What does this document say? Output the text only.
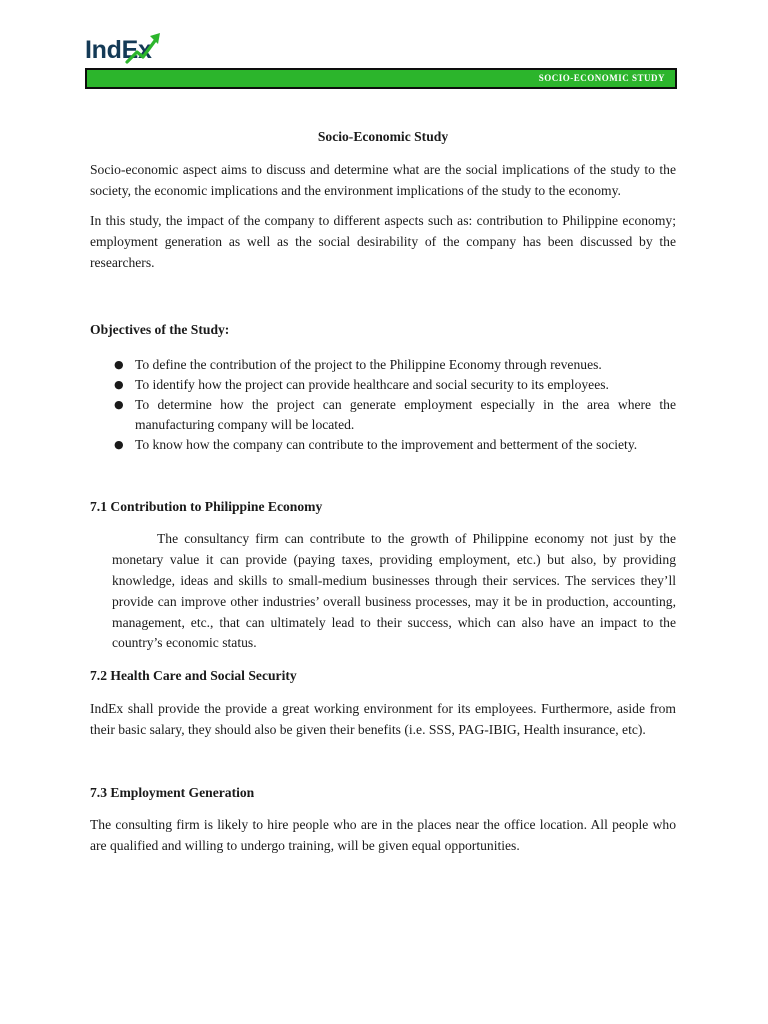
IndEx
SOCIO-ECONOMIC STUDY
Socio-Economic Study

Socio-economic aspect aims to discuss and determine what are the social implications of the study to the society, the economic implications and the environment implications of the study to the economy.

In this study, the impact of the company to different aspects such as: contribution to Philippine economy; employment generation as well as the social desirability of the company has been discussed by the researchers.

Objectives of the Study:
● To define the contribution of the project to the Philippine Economy through revenues.
● To identify how the project can provide healthcare and social security to its employees.
● To determine how the project can generate employment especially in the area where the manufacturing company will be located.
● To know how the company can contribute to the improvement and betterment of the society.
7.1 Contribution to Philippine Economy

The consultancy firm can contribute to the growth of Philippine economy not just by the monetary value it can provide (paying taxes, providing employment, etc.) but also, by providing knowledge, ideas and skills to small-medium businesses through their services. The services they’ll provide can improve other industries’ overall business processes, may it be in production, accounting, management, etc., that can ultimately lead to their success, which can also have an impact to the country’s economic status.

7.2 Health Care and Social Security

IndEx shall provide the provide a great working environment for its employees. Furthermore, aside from their basic salary, they should also be given their benefits (i.e. SSS, PAG-IBIG, Health insurance, etc).

7.3 Employment Generation

The consulting firm is likely to hire people who are in the places near the office location. All people who are qualified and willing to undergo training, will be given equal opportunities.
